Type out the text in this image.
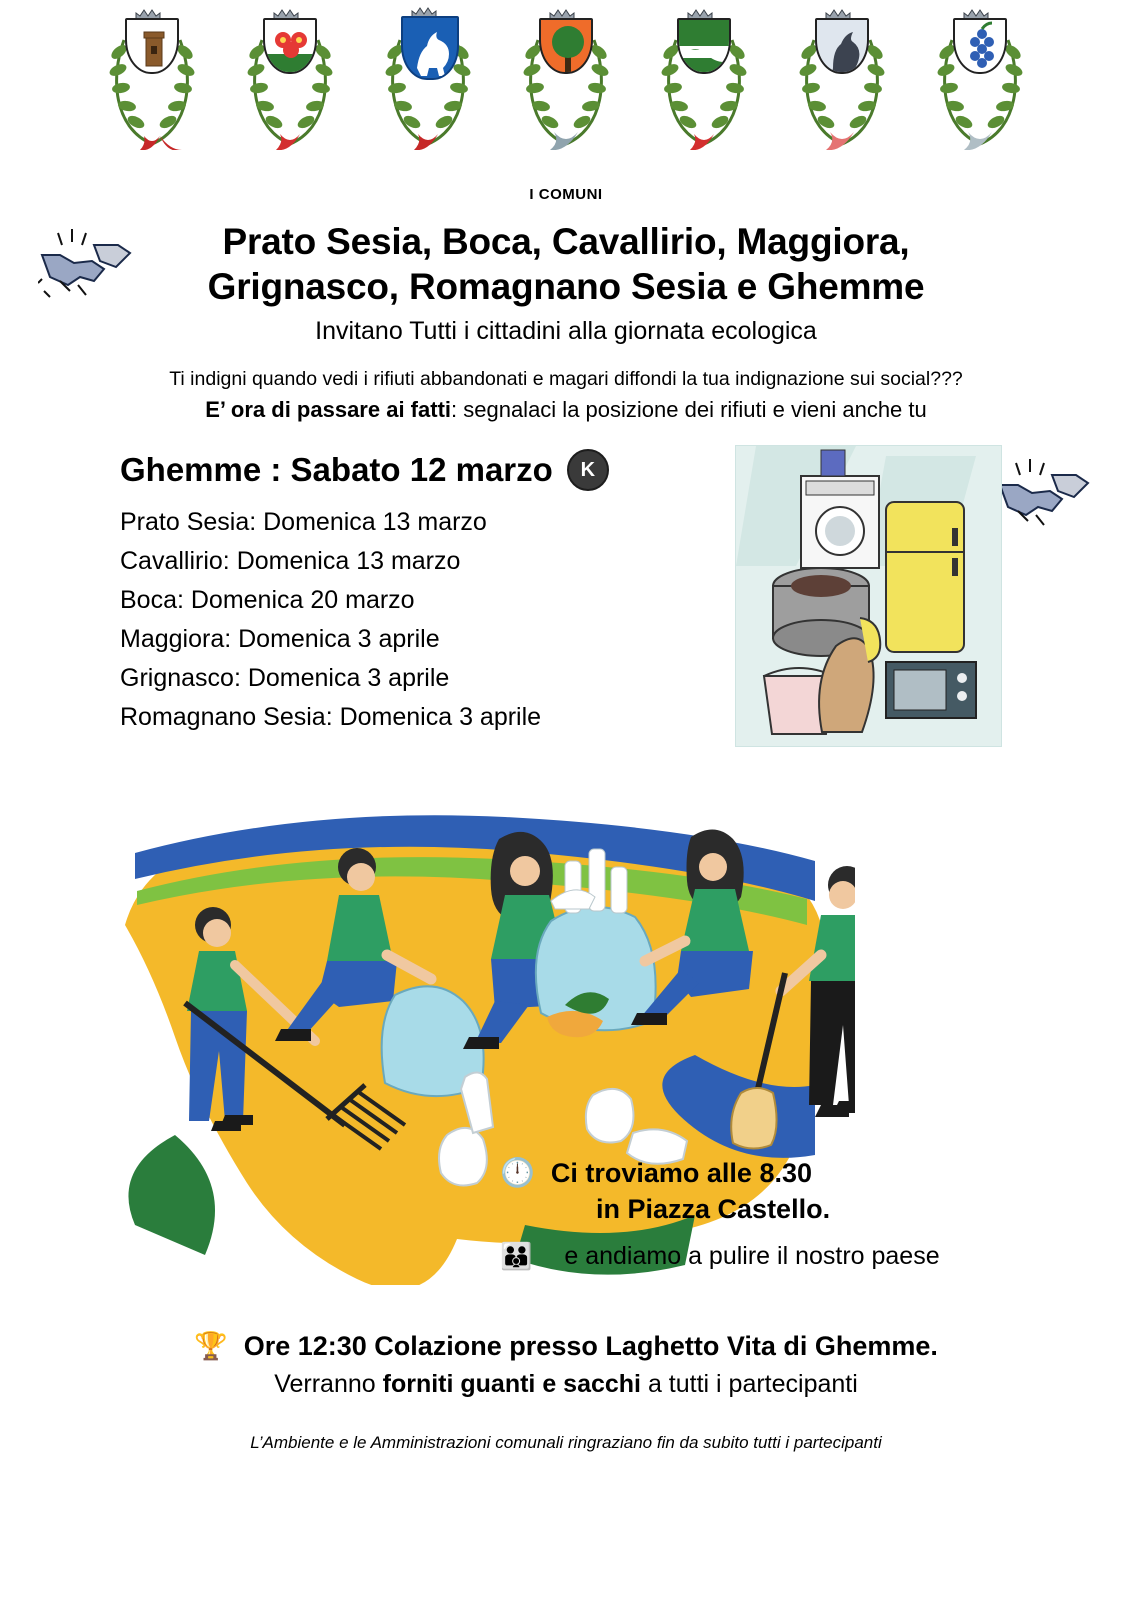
I COMUNI
Prato Sesia, Boca, Cavallirio, Maggiora,
Grignasco, Romagnano Sesia e Ghemme
Invitano Tutti i cittadini alla giornata ecologica
Ti indigni quando vedi i rifiuti abbandonati e magari diffondi la tua indignazione sui social???
E’ ora di passare ai fatti: segnalaci la posizione dei rifiuti e vieni anche tu
Ghemme : Sabato 12 marzo	K
Prato Sesia: Domenica 13 marzo
Cavallirio: Domenica 13 marzo
Boca: Domenica 20 marzo
Maggiora: Domenica 3 aprile
Grignasco: Domenica 3 aprile
Romagnano Sesia: Domenica 3 aprile
🕛 Ci troviamo alle 8.30
in Piazza Castello.
👪 e andiamo a pulire il nostro paese
🏆 Ore 12:30 Colazione presso Laghetto Vita di Ghemme.
Verranno forniti guanti e sacchi a tutti i partecipanti
L’Ambiente e le Amministrazioni comunali ringraziano fin da subito tutti i partecipanti
